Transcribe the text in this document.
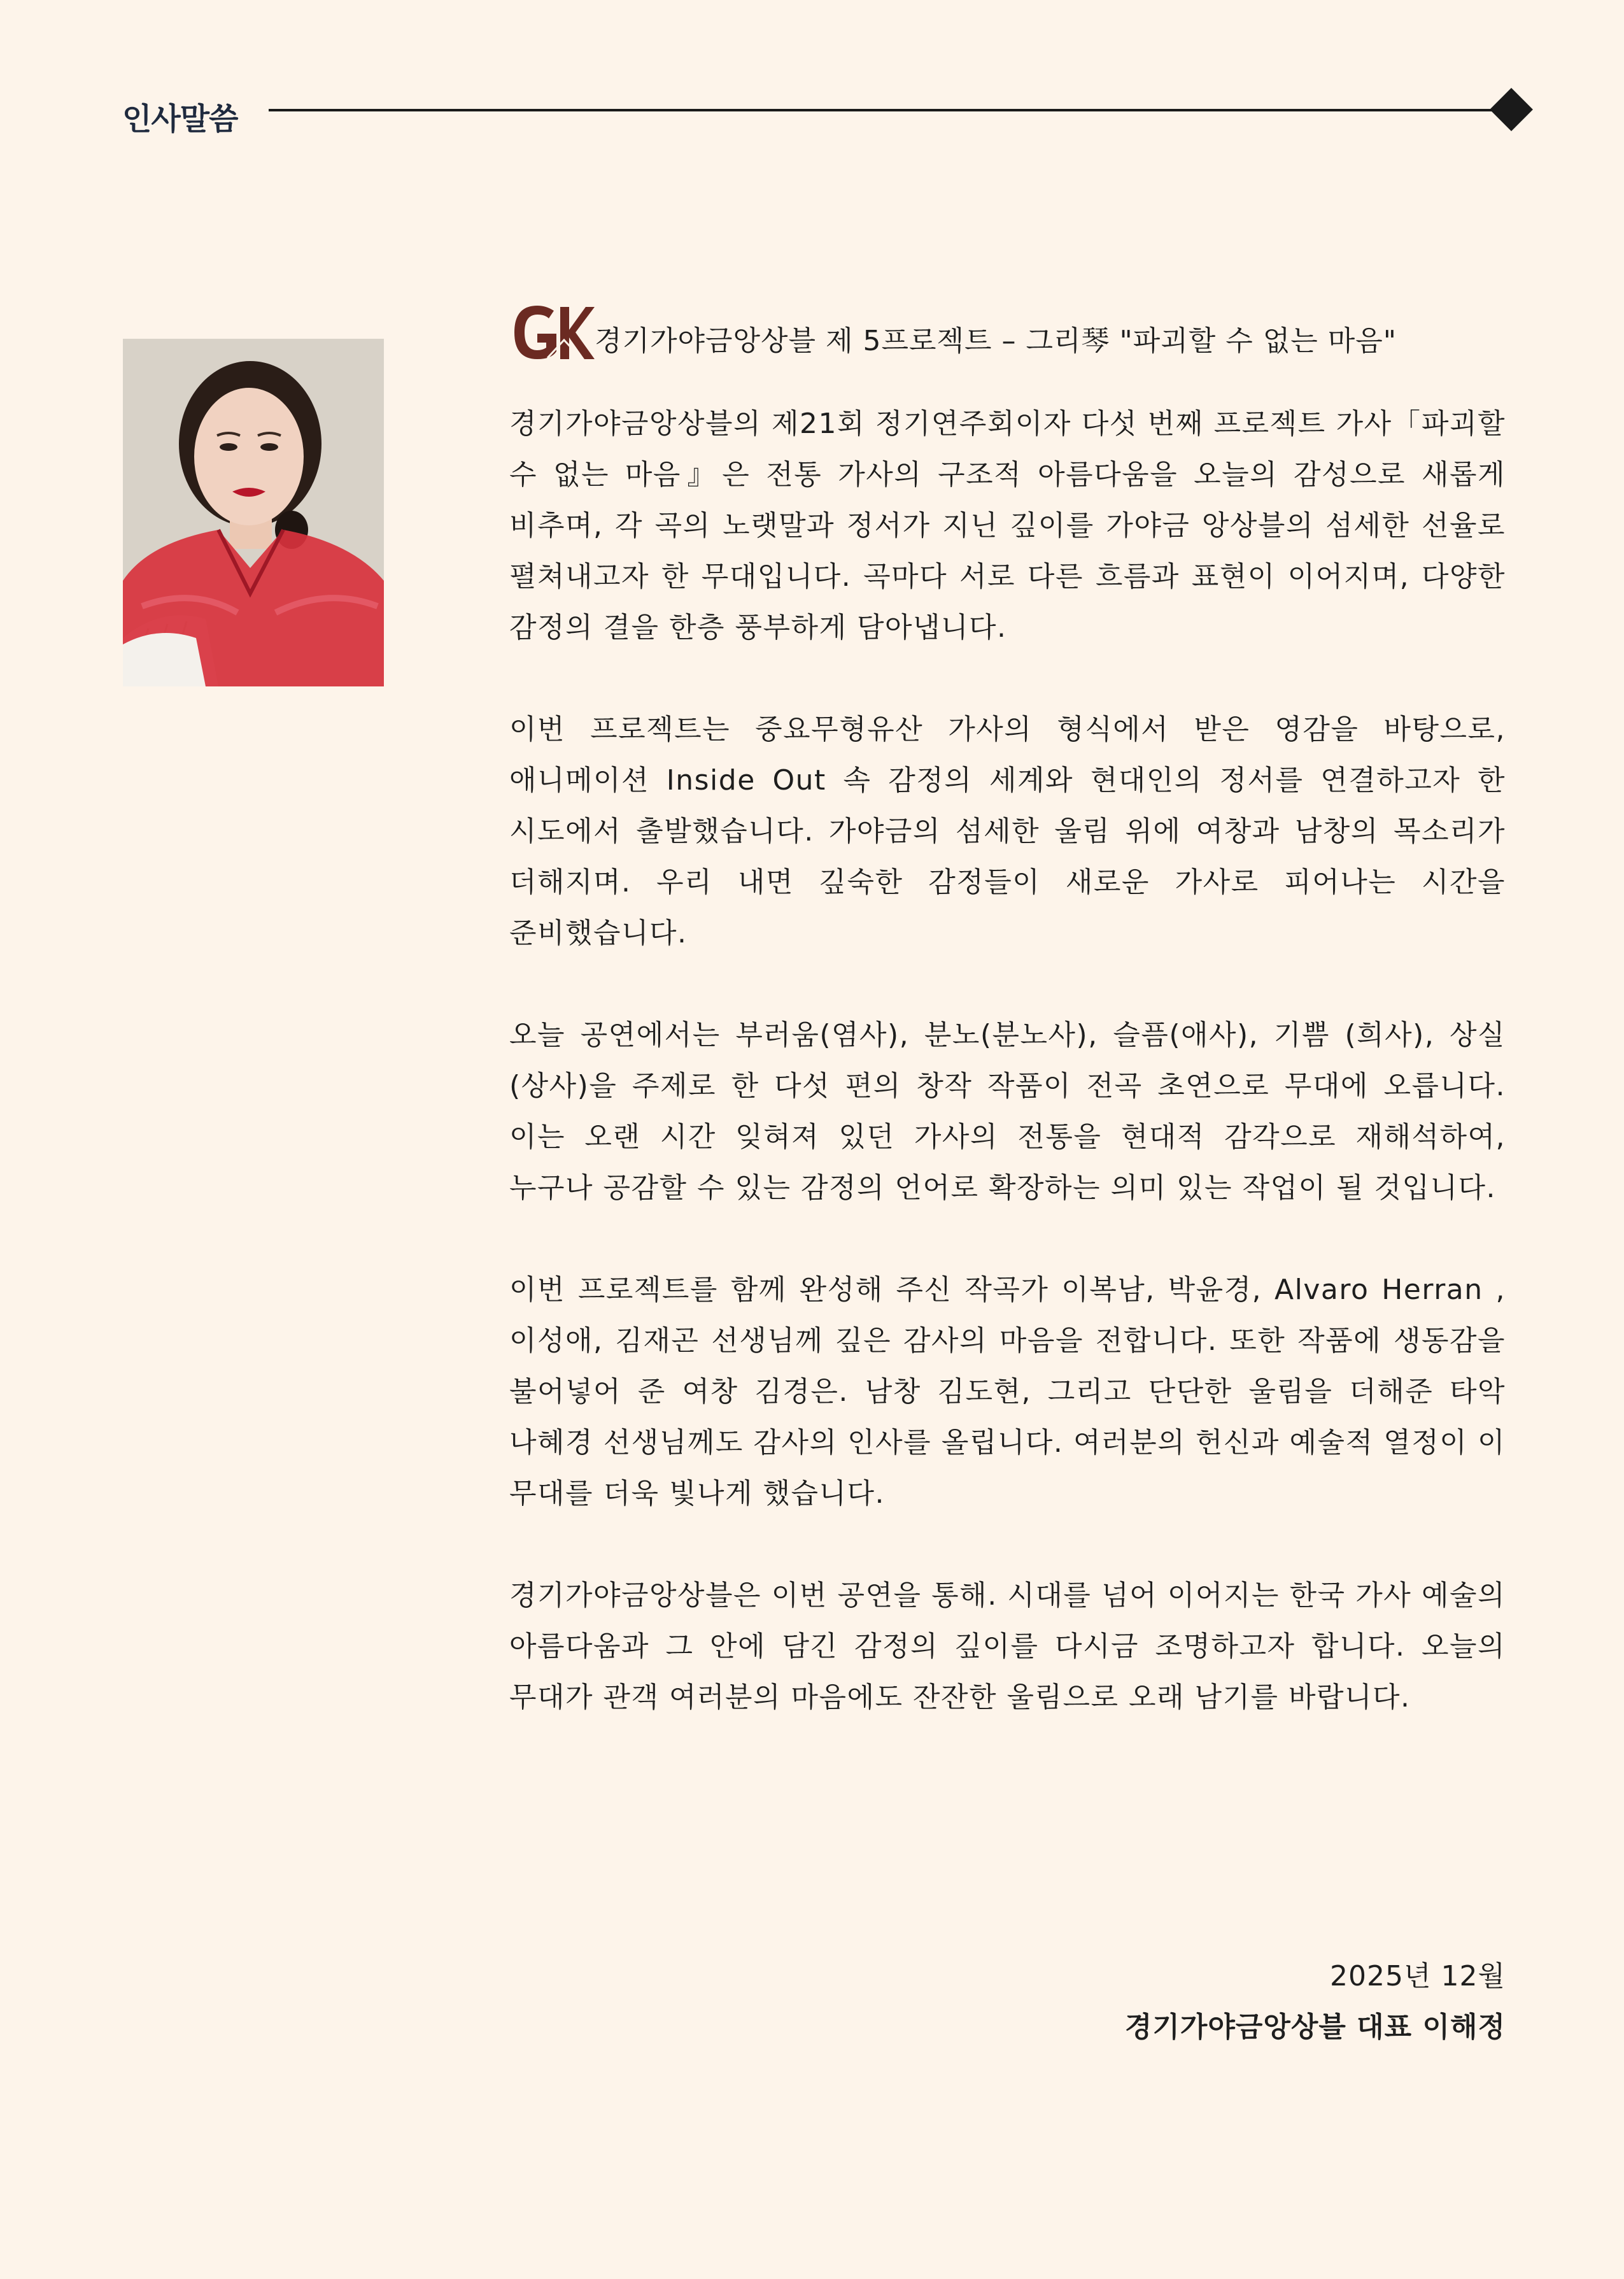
인사말씀
경기가야금앙상블 제 5프로젝트 – 그리琴 "파괴할 수 없는 마음"

경기가야금앙상블의 제21회 정기연주회이자 다섯 번째 프로젝트 가사「파괴할 수 없는 마음』은 전통 가사의 구조적 아름다움을 오늘의 감성으로 새롭게 비추며, 각 곡의 노랫말과 정서가 지닌 깊이를 가야금 앙상블의 섬세한 선율로 펼쳐내고자 한 무대입니다. 곡마다 서로 다른 흐름과 표현이 이어지며, 다양한 감정의 결을 한층 풍부하게 담아냅니다.

이번 프로젝트는 중요무형유산 가사의 형식에서 받은 영감을 바탕으로, 애니메이션 Inside Out 속 감정의 세계와 현대인의 정서를 연결하고자 한 시도에서 출발했습니다. 가야금의 섬세한 울림 위에 여창과 남창의 목소리가 더해지며. 우리 내면 깊숙한 감정들이 새로운 가사로 피어나는 시간을 준비했습니다.

오늘 공연에서는 부러움(염사), 분노(분노사), 슬픔(애사), 기쁨 (희사), 상실(상사)을 주제로 한 다섯 편의 창작 작품이 전곡 초연으로 무대에 오릅니다. 이는 오랜 시간 잊혀져 있던 가사의 전통을 현대적 감각으로 재해석하여, 누구나 공감할 수 있는 감정의 언어로 확장하는 의미 있는 작업이 될 것입니다.

이번 프로젝트를 함께 완성해 주신 작곡가 이복남, 박윤경, Alvaro Herran , 이성애, 김재곤 선생님께 깊은 감사의 마음을 전합니다. 또한 작품에 생동감을 불어넣어 준 여창 김경은. 남창 김도현, 그리고 단단한 울림을 더해준 타악 나혜경 선생님께도 감사의 인사를 올립니다. 여러분의 헌신과 예술적 열정이 이 무대를 더욱 빛나게 했습니다.

경기가야금앙상블은 이번 공연을 통해. 시대를 넘어 이어지는 한국 가사 예술의 아름다움과 그 안에 담긴 감정의 깊이를 다시금 조명하고자 합니다. 오늘의 무대가 관객 여러분의 마음에도 잔잔한 울림으로 오래 남기를 바랍니다.

2025년 12월
경기가야금앙상블 대표 이해정
